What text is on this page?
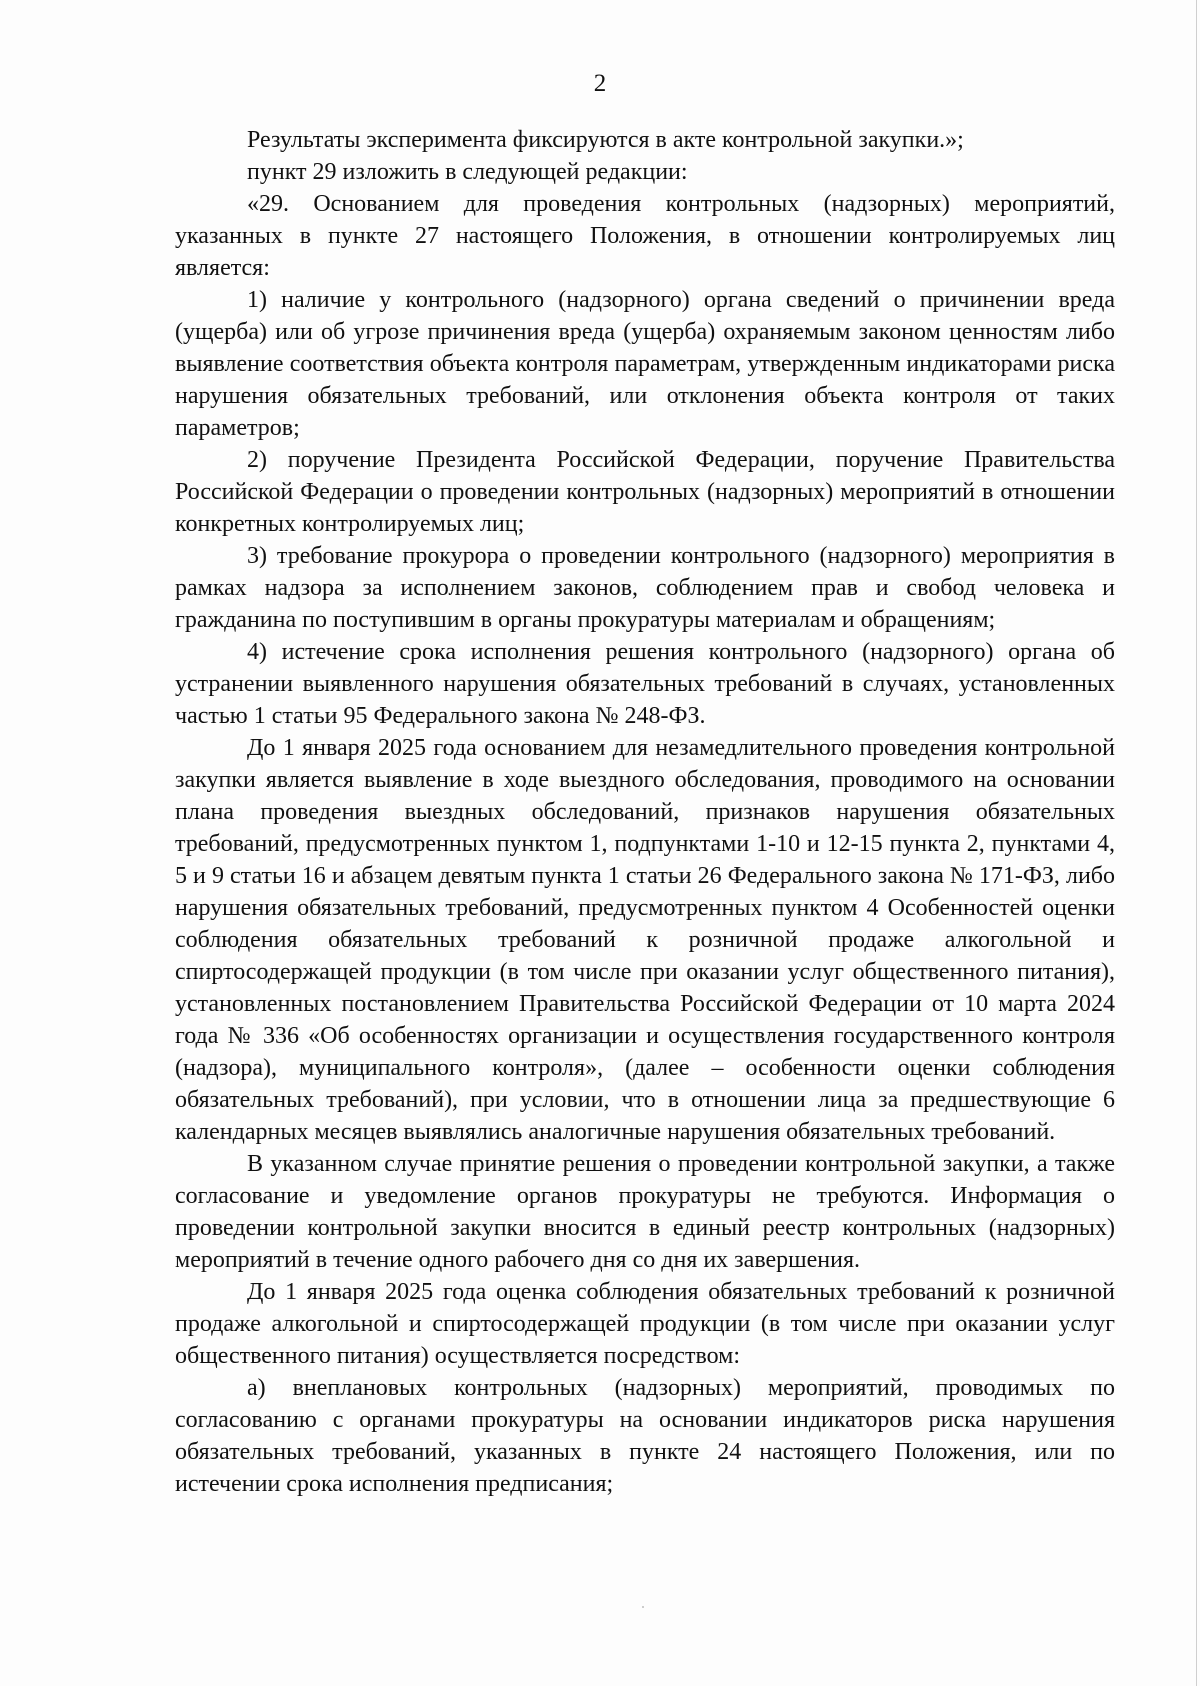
2

Результаты эксперимента фиксируются в акте контрольной закупки.»;

пункт 29 изложить в следующей редакции:

«29. Основанием для проведения контрольных (надзорных) мероприятий, указанных в пункте 27 настоящего Положения, в отношении контролируемых лиц является:

1) наличие у контрольного (надзорного) органа сведений о причинении вреда (ущерба) или об угрозе причинения вреда (ущерба) охраняемым законом ценностям либо выявление соответствия объекта контроля параметрам, утвержденным индикаторами риска нарушения обязательных требований, или отклонения объекта контроля от таких параметров;

2) поручение Президента Российской Федерации, поручение Правительства Российской Федерации о проведении контрольных (надзорных) мероприятий в отношении конкретных контролируемых лиц;

3) требование прокурора о проведении контрольного (надзорного) мероприятия в рамках надзора за исполнением законов, соблюдением прав и свобод человека и гражданина по поступившим в органы прокуратуры материалам и обращениям;

4) истечение срока исполнения решения контрольного (надзорного) органа об устранении выявленного нарушения обязательных требований в случаях, установленных частью 1 статьи 95 Федерального закона № 248-ФЗ.

До 1 января 2025 года основанием для незамедлительного проведения контрольной закупки является выявление в ходе выездного обследования, проводимого на основании плана проведения выездных обследований, признаков нарушения обязательных требований, предусмотренных пунктом 1, подпунктами 1-10 и 12-15 пункта 2, пунктами 4, 5 и 9 статьи 16 и абзацем девятым пункта 1 статьи 26 Федерального закона № 171-ФЗ, либо нарушения обязательных требований, предусмотренных пунктом 4 Особенностей оценки соблюдения обязательных требований к розничной продаже алкогольной и спиртосодержащей продукции (в том числе при оказании услуг общественного питания), установленных постановлением Правительства Российской Федерации от 10 марта 2024 года № 336 «Об особенностях организации и осуществления государственного контроля (надзора), муниципального контроля», (далее – особенности оценки соблюдения обязательных требований), при условии, что в отношении лица за предшествующие 6 календарных месяцев выявлялись аналогичные нарушения обязательных требований.

В указанном случае принятие решения о проведении контрольной закупки, а также согласование и уведомление органов прокуратуры не требуются. Информация о проведении контрольной закупки вносится в единый реестр контрольных (надзорных) мероприятий в течение одного рабочего дня со дня их завершения.

До 1 января 2025 года оценка соблюдения обязательных требований к розничной продаже алкогольной и спиртосодержащей продукции (в том числе при оказании услуг общественного питания) осуществляется посредством:

а) внеплановых контрольных (надзорных) мероприятий, проводимых по согласованию с органами прокуратуры на основании индикаторов риска нарушения обязательных требований, указанных в пункте 24 настоящего Положения, или по истечении срока исполнения предписания;
